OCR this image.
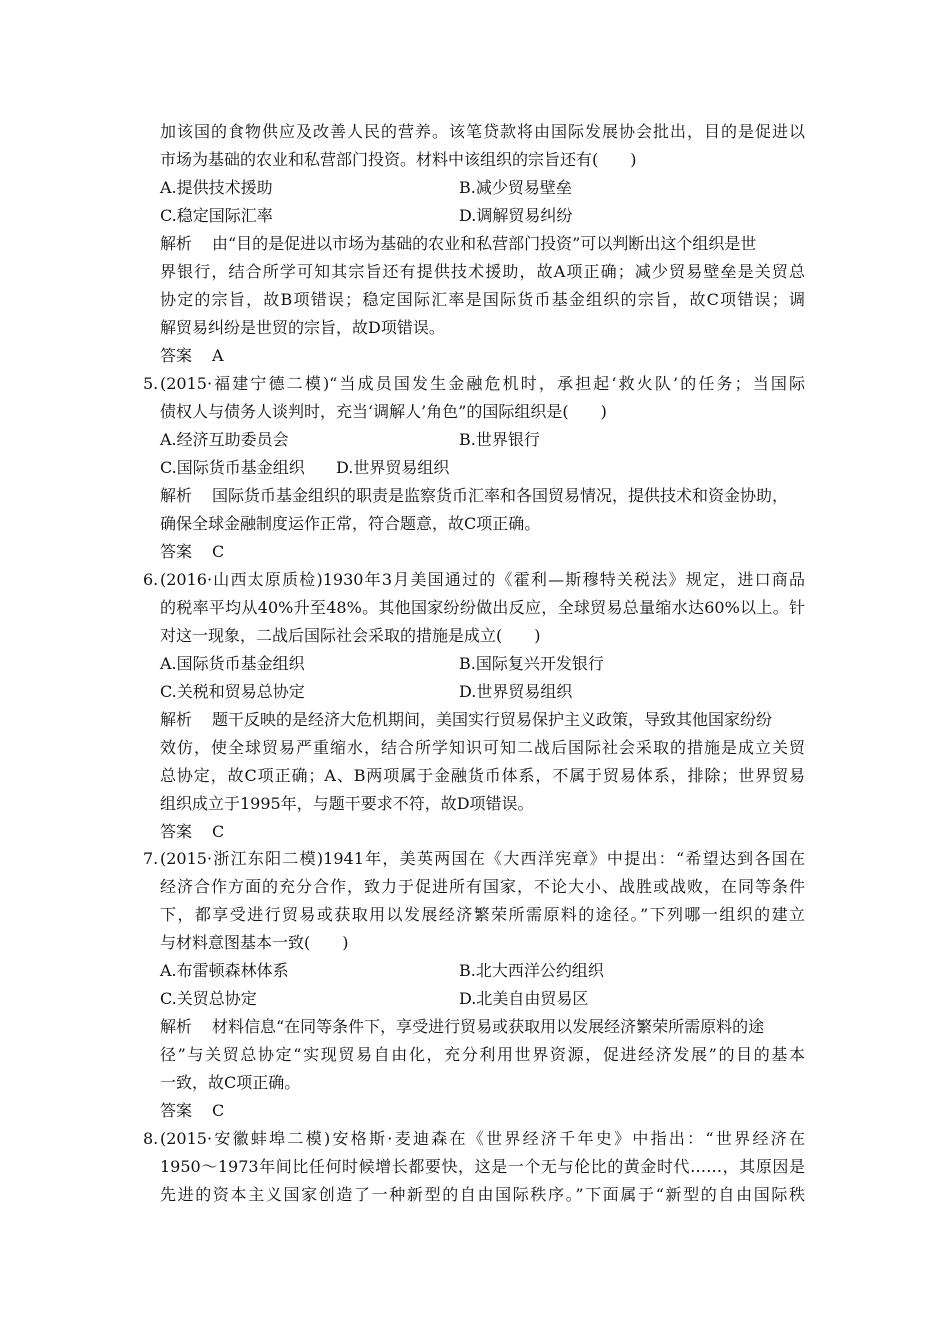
加该国的食物供应及改善人民的营养。该笔贷款将由国际发展协会批出，目的是促进以
市场为基础的农业和私营部门投资。材料中该组织的宗旨还有(　　)
A.提供技术援助	B.减少贸易壁垒
C.稳定国际汇率	D.调解贸易纠纷
解析 由“目的是促进以市场为基础的农业和私营部门投资”可以判断出这个组织是世
界银行，结合所学可知其宗旨还有提供技术援助，故A项正确；减少贸易壁垒是关贸总
协定的宗旨，故B项错误；稳定国际汇率是国际货币基金组织的宗旨，故C项错误；调
解贸易纠纷是世贸的宗旨，故D项错误。
答案 A
5. (2015·福建宁德二模)“当成员国发生金融危机时，承担起‘救火队’的任务；当国际
债权人与债务人谈判时，充当‘调解人’角色”的国际组织是(　　)
A.经济互助委员会	B.世界银行
C.国际货币基金组织 D.世界贸易组织
解析 国际货币基金组织的职责是监察货币汇率和各国贸易情况，提供技术和资金协助，
确保全球金融制度运作正常，符合题意，故C项正确。
答案 C
6. (2016·山西太原质检)1930年3月美国通过的《霍利—斯穆特关税法》规定，进口商品
的税率平均从40%升至48%。其他国家纷纷做出反应，全球贸易总量缩水达60%以上。针
对这一现象，二战后国际社会采取的措施是成立(　　)
A.国际货币基金组织	B.国际复兴开发银行
C.关税和贸易总协定	D.世界贸易组织
解析 题干反映的是经济大危机期间，美国实行贸易保护主义政策，导致其他国家纷纷
效仿，使全球贸易严重缩水，结合所学知识可知二战后国际社会采取的措施是成立关贸
总协定，故C项正确；A、B两项属于金融货币体系，不属于贸易体系，排除；世界贸易
组织成立于1995年，与题干要求不符，故D项错误。
答案 C
7. (2015·浙江东阳二模)1941年，美英两国在《大西洋宪章》中提出：“希望达到各国在
经济合作方面的充分合作，致力于促进所有国家，不论大小、战胜或战败，在同等条件
下，都享受进行贸易或获取用以发展经济繁荣所需原料的途径。”下列哪一组织的建立
与材料意图基本一致(　　)
A.布雷顿森林体系	B.北大西洋公约组织
C.关贸总协定	D.北美自由贸易区
解析 材料信息“在同等条件下，享受进行贸易或获取用以发展经济繁荣所需原料的途
径”与关贸总协定“实现贸易自由化，充分利用世界资源，促进经济发展”的目的基本
一致，故C项正确。
答案 C
8. (2015·安徽蚌埠二模)安格斯·麦迪森在《世界经济千年史》中指出：“世界经济在
1950～1973年间比任何时候增长都要快，这是一个无与伦比的黄金时代……，其原因是
先进的资本主义国家创造了一种新型的自由国际秩序。”下面属于“新型的自由国际秩
